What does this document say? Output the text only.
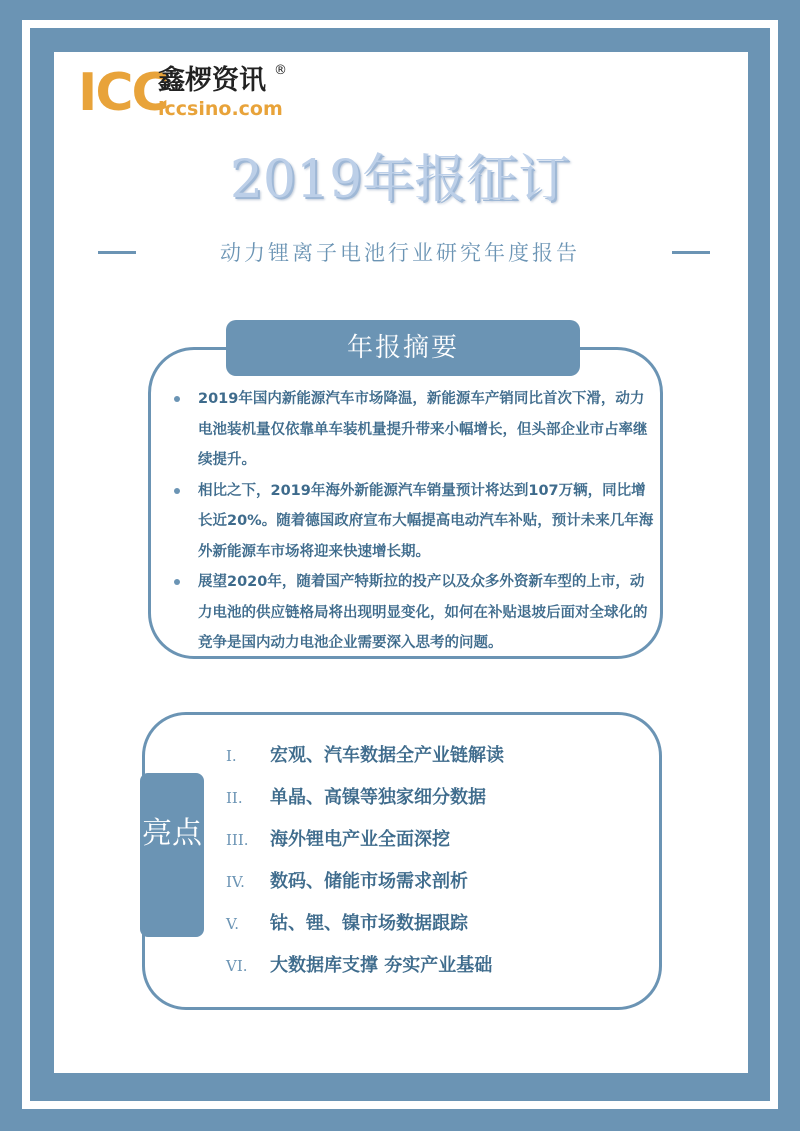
ICC
鑫椤资讯 ®
iccsino.com
2019年报征订
动力锂离子电池行业研究年度报告
年报摘要
2019年国内新能源汽车市场降温，新能源车产销同比首次下滑，动力电池装机量仅依靠单车装机量提升带来小幅增长，但头部企业市占率继续提升。
相比之下，2019年海外新能源汽车销量预计将达到107万辆，同比增长近20%。随着德国政府宣布大幅提高电动汽车补贴，预计未来几年海外新能源车市场将迎来快速增长期。
展望2020年，随着国产特斯拉的投产以及众多外资新车型的上市，动力电池的供应链格局将出现明显变化，如何在补贴退坡后面对全球化的竞争是国内动力电池企业需要深入思考的问题。
亮点
I.	宏观、汽车数据全产业链解读
II.	单晶、高镍等独家细分数据
III.	海外锂电产业全面深挖
IV.	数码、储能市场需求剖析
V.	钴、锂、镍市场数据跟踪
VI.	大数据库支撑 夯实产业基础
